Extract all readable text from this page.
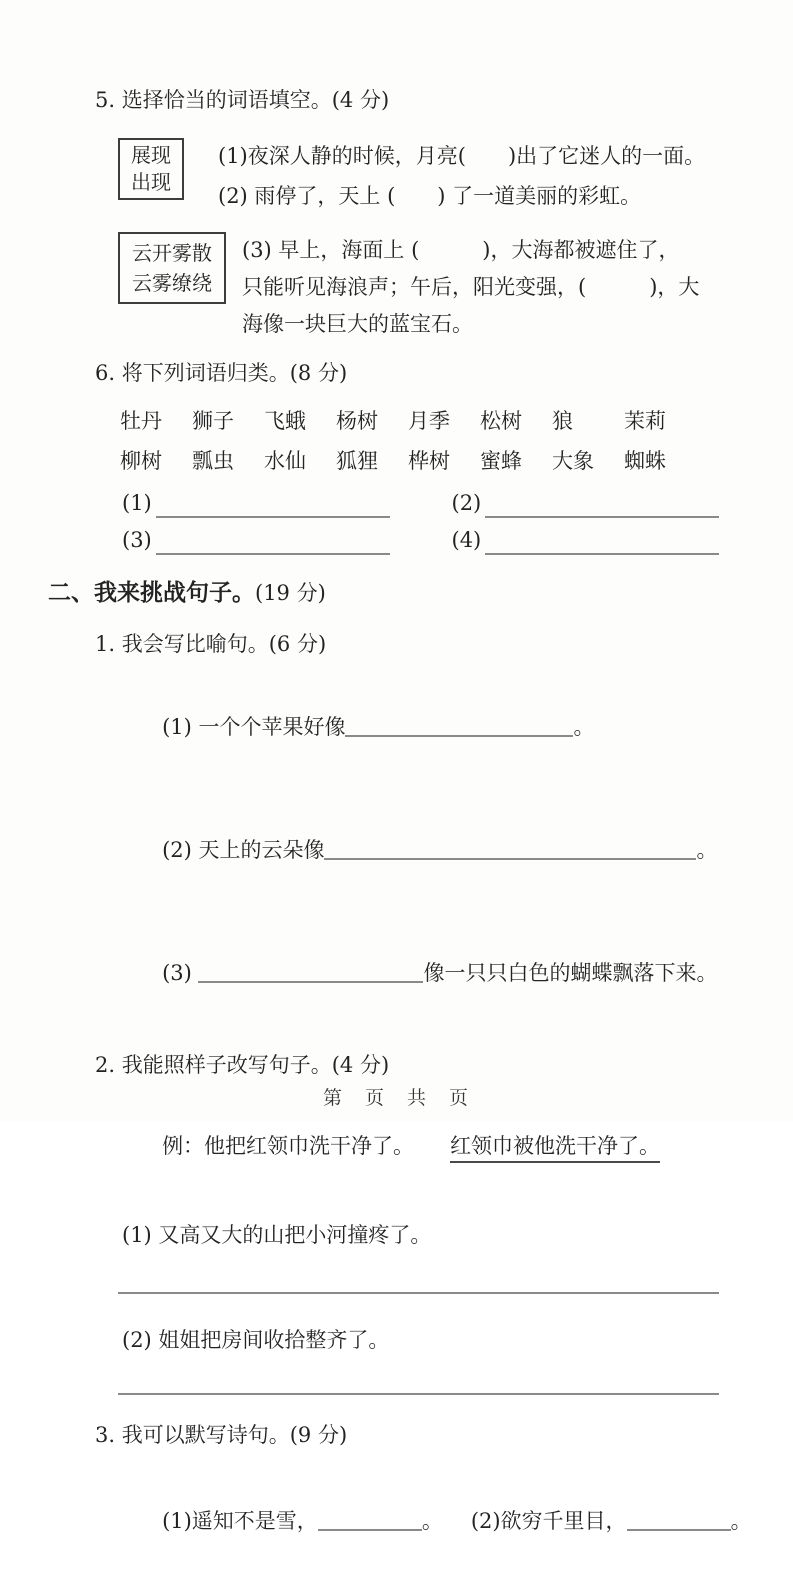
5. 选择恰当的词语填空。(4 分)
展现
出现
(1)夜深人静的时候，月亮(　　)出了它迷人的一面。
(2) 雨停了，天上 (　　) 了一道美丽的彩虹。
云开雾散
云雾缭绕
(3) 早上，海面上 (　　　)，大海都被遮住了，
只能听见海浪声；午后，阳光变强，(　　　)，大
海像一块巨大的蓝宝石。
6. 将下列词语归类。(8 分)
牡丹	狮子	飞蛾	杨树	月季	松树	狼	茉莉
柳树	瓢虫	水仙	狐狸	桦树	蜜蜂	大象	蜘蛛
(1)	(2)
(3)	(4)
二、我来挑战句子。(19 分)
1. 我会写比喻句。(6 分)

(1) 一个个苹果好像	。

(2) 天上的云朵像	。

(3)	像一只只白色的蝴蝶飘落下来。

2. 我能照样子改写句子。(4 分)

例：他把红领巾洗干净了。 红领巾被他洗干净了。

(1) 又高又大的山把小河撞疼了。
(2) 姐姐把房间收拾整齐了。
3. 我可以默写诗句。(9 分)

(1)遥知不是雪，	。 (2)欲穷千里目，	。

第　页　共　页
